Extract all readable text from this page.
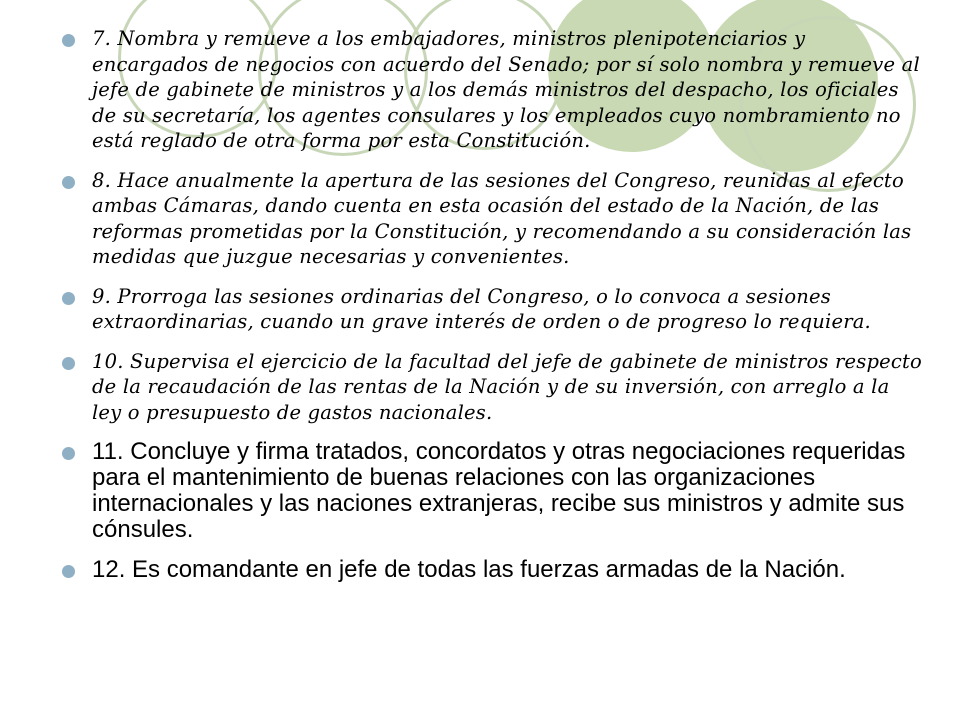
7. Nombra y remueve a los embajadores, ministros plenipotenciarios y encargados de negocios con acuerdo del Senado; por sí solo nombra y remueve al jefe de gabinete de ministros y a los demás ministros del despacho, los oficiales de su secretaría, los agentes consulares y los empleados cuyo nombramiento no está reglado de otra forma por esta Constitución.
8. Hace anualmente la apertura de las sesiones del Congreso, reunidas al efecto ambas Cámaras, dando cuenta en esta ocasión del estado de la Nación, de las reformas prometidas por la Constitución, y recomendando a su consideración las medidas que juzgue necesarias y convenientes.
9. Prorroga las sesiones ordinarias del Congreso, o lo convoca a sesiones extraordinarias, cuando un grave interés de orden o de progreso lo requiera.
10. Supervisa el ejercicio de la facultad del jefe de gabinete de ministros respecto de la recaudación de las rentas de la Nación y de su inversión, con arreglo a la ley o presupuesto de gastos nacionales.
11. Concluye y firma tratados, concordatos y otras negociaciones requeridas para el mantenimiento de buenas relaciones con las organizaciones internacionales y las naciones extranjeras, recibe sus ministros y admite sus cónsules.
12. Es comandante en jefe de todas las fuerzas armadas de la Nación.
